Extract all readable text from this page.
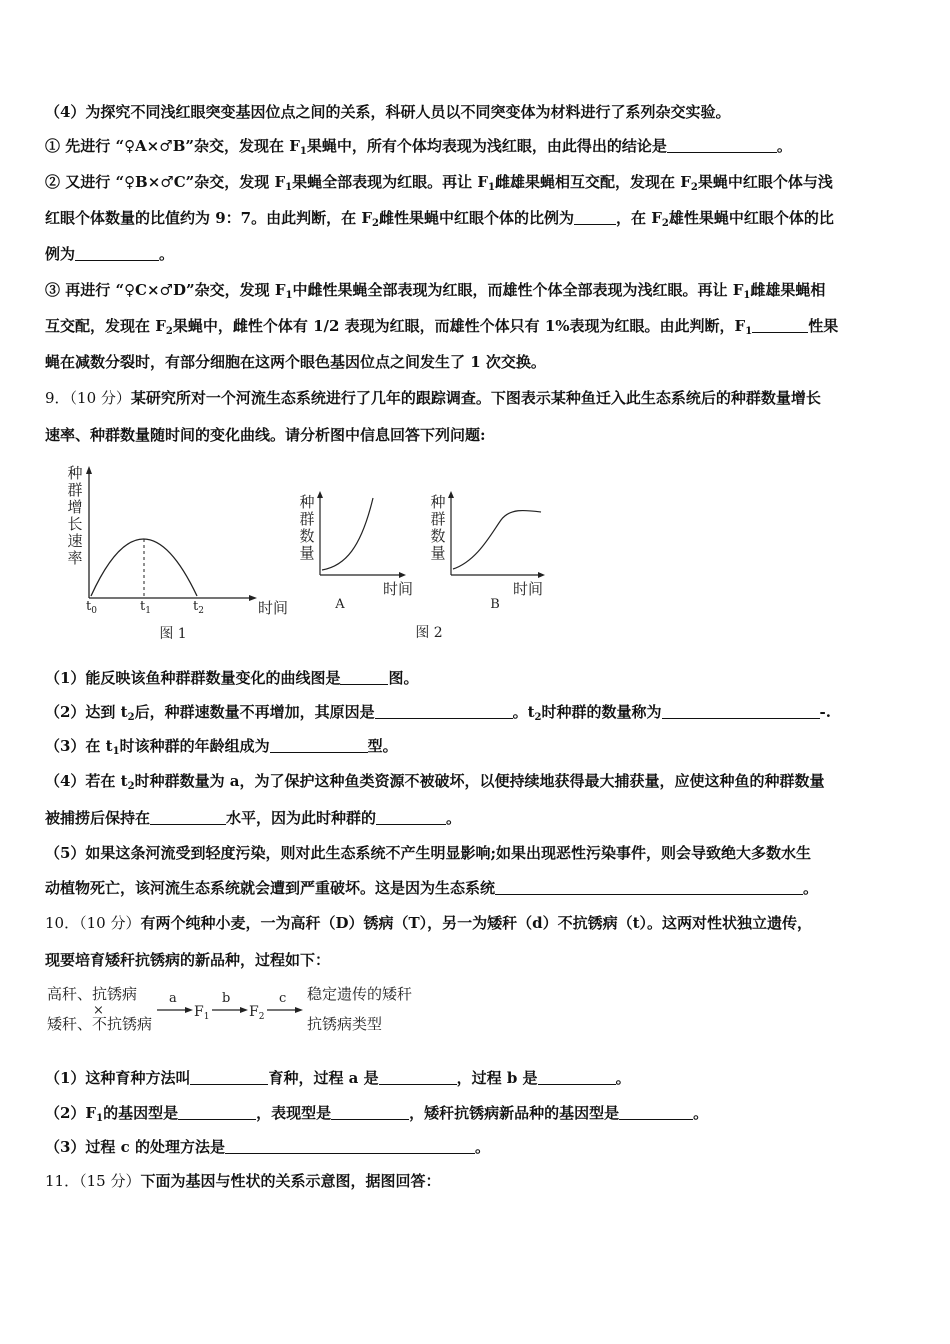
（4）为探究不同浅红眼突变基因位点之间的关系，科研人员以不同突变体为材料进行了系列杂交实验。
① 先进行 “♀A×♂B”杂交，发现在 $F_1$果蝇中，所有个体均表现为浅红眼，由此得出的结论是	。
② 又进行 “♀B×♂C”杂交，发现 $F_1$果蝇全部表现为红眼。再让 $F_1$雌雄果蝇相互交配，发现在 $F_2$果蝇中红眼个体与浅
红眼个体数量的比值约为 9：7。由此判断，在 $F_2$雌性果蝇中红眼个体的比例为	，在 $F_2$雄性果蝇中红眼个体的比
例为	。
③ 再进行 “♀C×♂D”杂交，发现 $F_1$中雌性果蝇全部表现为红眼，而雄性个体全部表现为浅红眼。再让 $F_1$雌雄果蝇相
互交配，发现在 $F_2$果蝇中，雌性个体有 1/2 表现为红眼，而雄性个体只有 1%表现为红眼。由此判断，$F_1$	性果
蝇在减数分裂时，有部分细胞在这两个眼色基因位点之间发生了 1 次交换。
9．（10 分）某研究所对一个河流生态系统进行了几年的跟踪调查。下图表示某种鱼迁入此生态系统后的种群数量增长
速率、种群数量随时间的变化曲线。请分析图中信息回答下列问题:
种
群
增
长
速
率
$t_0$	$t_1$	$t_2$	时间
图 1
种
群
数
量
时间
A
种
群
数
量
时间
B
图 2
（1）能反映该鱼种群群数量变化的曲线图是	图。
（2）达到 $t_2$后，种群速数量不再增加，其原因是	。$t_2$时种群的数量称为	-.
（3）在 $t_1$时该种群的年龄组成为	型。
（4）若在 $t_2$时种群数量为 a，为了保护这种鱼类资源不被破坏，以便持续地获得最大捕获量，应使这种鱼的种群数量
被捕捞后保持在	水平，因为此时种群的	。
（5）如果这条河流受到轻度污染，则对此生态系统不产生明显影响;如果出现恶性污染事件，则会导致绝大多数水生
动植物死亡，该河流生态系统就会遭到严重破坏。这是因为生态系统	。
10．（10 分）有两个纯种小麦，一为高秆（D）锈病（T），另一为矮秆（d）不抗锈病（t）。这两对性状独立遗传，
现要培育矮秆抗锈病的新品种，过程如下：
高秆、抗锈病
×
矮秆、不抗锈病
a
$F_1$
b
$F_2$
c 稳定遗传的矮秆
抗锈病类型
（1）这种育种方法叫	育种，过程 a 是	，过程 b 是	。
$(2)F_1$的基因型是	，表现型是	，矮秆抗锈病新品种的基因型是	。
（3）过程 c 的处理方法是	。
11．（15 分）下面为基因与性状的关系示意图，据图回答：
